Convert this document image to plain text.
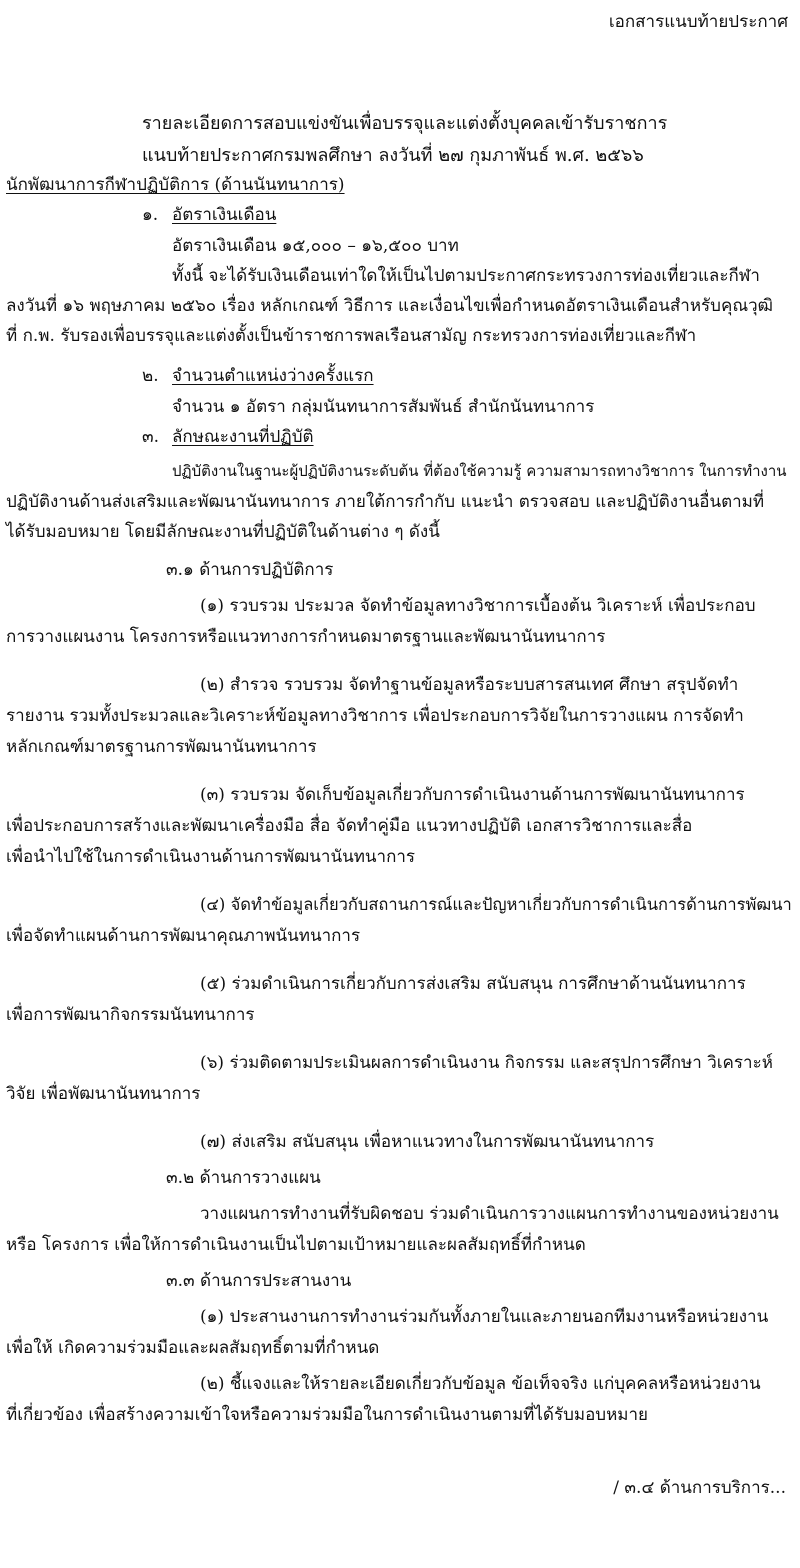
เอกสารแนบท้ายประกาศ
รายละเอียดการสอบแข่งขันเพื่อบรรจุและแต่งตั้งบุคคลเข้ารับราชการ
แนบท้ายประกาศกรมพลศึกษา ลงวันที่ ๒๗ กุมภาพันธ์ พ.ศ. ๒๕๖๖
นักพัฒนาการกีฬาปฏิบัติการ (ด้านนันทนาการ)
๑. อัตราเงินเดือน
อัตราเงินเดือน ๑๕,๐๐๐ – ๑๖,๕๐๐ บาท
ทั้งนี้ จะได้รับเงินเดือนเท่าใดให้เป็นไปตามประกาศกระทรวงการท่องเที่ยวและกีฬา
ลงวันที่ ๑๖ พฤษภาคม ๒๕๖๐ เรื่อง หลักเกณฑ์ วิธีการ และเงื่อนไขเพื่อกำหนดอัตราเงินเดือนสำหรับคุณวุฒิ
ที่ ก.พ. รับรองเพื่อบรรจุและแต่งตั้งเป็นข้าราชการพลเรือนสามัญ กระทรวงการท่องเที่ยวและกีฬา
๒. จำนวนตำแหน่งว่างครั้งแรก
จำนวน ๑ อัตรา กลุ่มนันทนาการสัมพันธ์ สำนักนันทนาการ
๓. ลักษณะงานที่ปฏิบัติ
ปฏิบัติงานในฐานะผู้ปฏิบัติงานระดับต้น ที่ต้องใช้ความรู้ ความสามารถทางวิชาการ ในการทำงาน
ปฏิบัติงานด้านส่งเสริมและพัฒนานันทนาการ ภายใต้การกำกับ แนะนำ ตรวจสอบ และปฏิบัติงานอื่นตามที่
ได้รับมอบหมาย โดยมีลักษณะงานที่ปฏิบัติในด้านต่าง ๆ ดังนี้
๓.๑ ด้านการปฏิบัติการ
(๑) รวบรวม ประมวล จัดทำข้อมูลทางวิชาการเบื้องต้น วิเคราะห์ เพื่อประกอบ
การวางแผนงาน โครงการหรือแนวทางการกำหนดมาตรฐานและพัฒนานันทนาการ
(๒) สำรวจ รวบรวม จัดทำฐานข้อมูลหรือระบบสารสนเทศ ศึกษา สรุปจัดทำ
รายงาน รวมทั้งประมวลและวิเคราะห์ข้อมูลทางวิชาการ เพื่อประกอบการวิจัยในการวางแผน การจัดทำ
หลักเกณฑ์มาตรฐานการพัฒนานันทนาการ
(๓) รวบรวม จัดเก็บข้อมูลเกี่ยวกับการดำเนินงานด้านการพัฒนานันทนาการ
เพื่อประกอบการสร้างและพัฒนาเครื่องมือ สื่อ จัดทำคู่มือ แนวทางปฏิบัติ เอกสารวิชาการและสื่อ
เพื่อนำไปใช้ในการดำเนินงานด้านการพัฒนานันทนาการ
(๔) จัดทำข้อมูลเกี่ยวกับสถานการณ์และปัญหาเกี่ยวกับการดำเนินการด้านการพัฒนา
เพื่อจัดทำแผนด้านการพัฒนาคุณภาพนันทนาการ
(๕) ร่วมดำเนินการเกี่ยวกับการส่งเสริม สนับสนุน การศึกษาด้านนันทนาการ
เพื่อการพัฒนากิจกรรมนันทนาการ
(๖) ร่วมติดตามประเมินผลการดำเนินงาน กิจกรรม และสรุปการศึกษา วิเคราะห์
วิจัย เพื่อพัฒนานันทนาการ
(๗) ส่งเสริม สนับสนุน เพื่อหาแนวทางในการพัฒนานันทนาการ
๓.๒ ด้านการวางแผน
วางแผนการทำงานที่รับผิดชอบ ร่วมดำเนินการวางแผนการทำงานของหน่วยงาน
หรือ โครงการ เพื่อให้การดำเนินงานเป็นไปตามเป้าหมายและผลสัมฤทธิ์ที่กำหนด
๓.๓ ด้านการประสานงาน
(๑) ประสานงานการทำงานร่วมกันทั้งภายในและภายนอกทีมงานหรือหน่วยงาน
เพื่อให้ เกิดความร่วมมือและผลสัมฤทธิ์ตามที่กำหนด
(๒) ชี้แจงและให้รายละเอียดเกี่ยวกับข้อมูล ข้อเท็จจริง แก่บุคคลหรือหน่วยงาน
ที่เกี่ยวข้อง เพื่อสร้างความเข้าใจหรือความร่วมมือในการดำเนินงานตามที่ได้รับมอบหมาย
/ ๓.๔ ด้านการบริการ...
